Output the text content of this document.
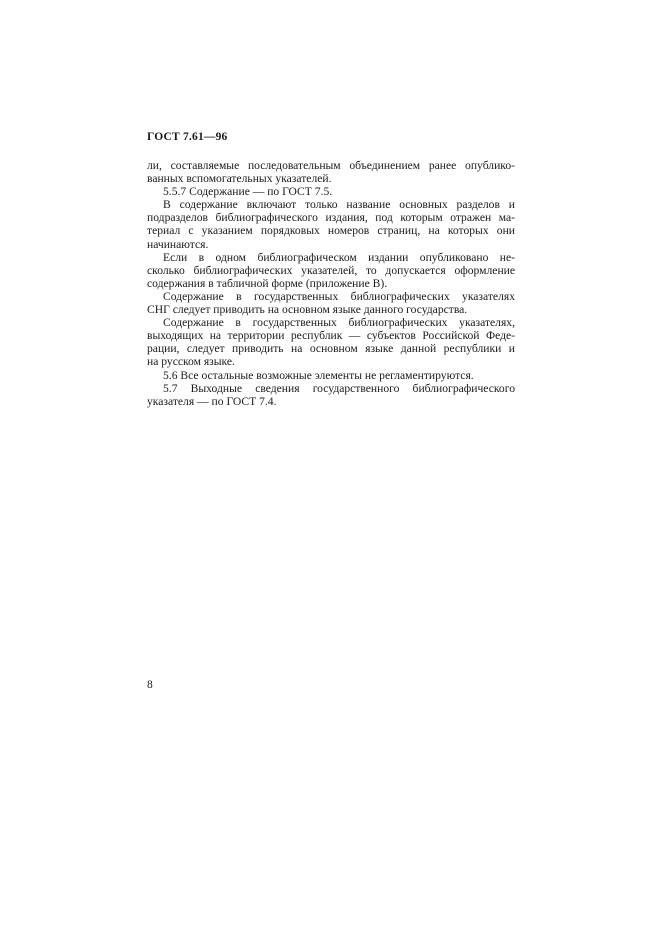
ГОСТ 7.61—96
ли, составляемые последовательным объединением ранее опублико-
ванных вспомогательных указателей.
5.5.7 Содержание — по ГОСТ 7.5.
В содержание включают только название основных разделов и
подразделов библиографического издания, под которым отражен ма-
териал с указанием порядковых номеров страниц, на которых они
начинаются.
Если в одном библиографическом издании опубликовано не-
сколько библиографических указателей, то допускается оформление
содержания в табличной форме (приложение В).
Содержание в государственных библиографических указателях
СНГ следует приводить на основном языке данного государства.
Содержание в государственных библиографических указателях,
выходящих на территории республик — субъектов Российской Феде-
рации, следует приводить на основном языке данной республики и
на русском языке.
5.6 Все остальные возможные элементы не регламентируются.
5.7 Выходные сведения государственного библиографического
указателя — по ГОСТ 7.4.
8
